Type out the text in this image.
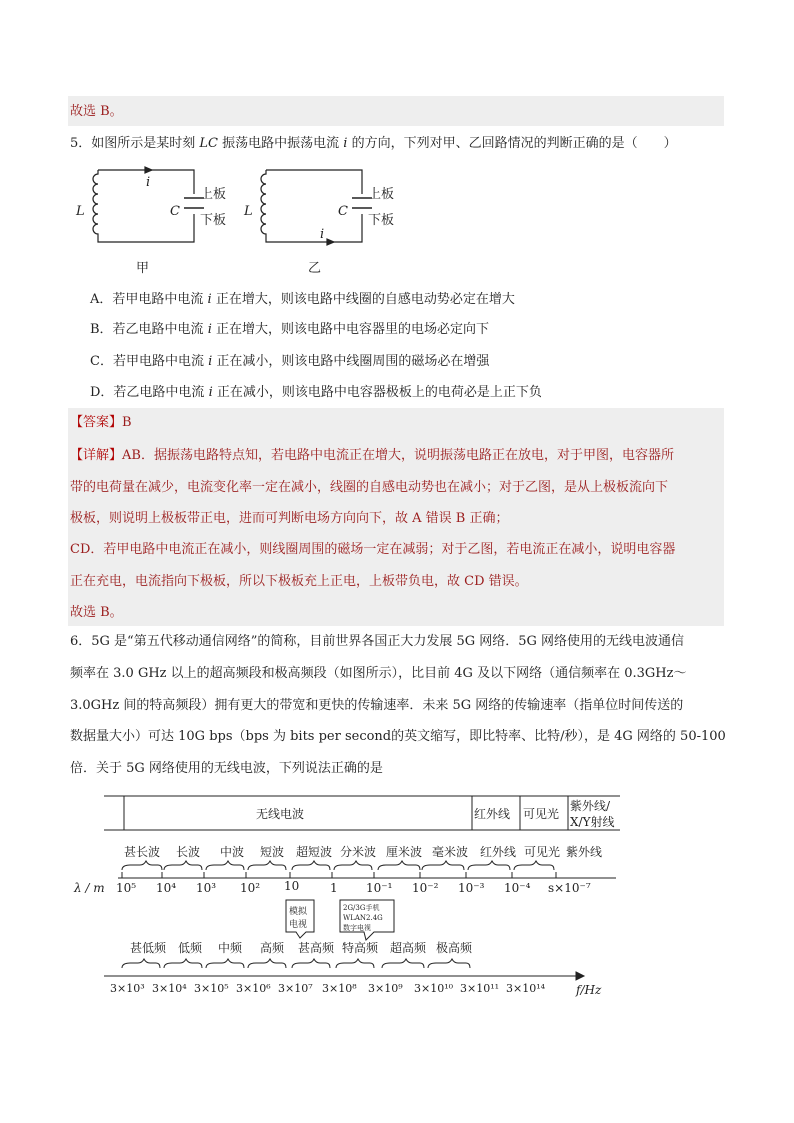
故选 B。
5．如图所示是某时刻 LC 振荡电路中振荡电流 i 的方向，下列对甲、乙回路情况的判断正确的是（　　）
L	C
i
上板
下板
L	C
i
上板
下板
甲	乙
A．若甲电路中电流 i 正在增大，则该电路中线圈的自感电动势必定在增大
B．若乙电路中电流 i 正在增大，则该电路中电容器里的电场必定向下
C．若甲电路中电流 i 正在减小，则该电路中线圈周围的磁场必在增强
D．若乙电路中电流 i 正在减小，则该电路中电容器极板上的电荷必是上正下负
【答案】B
【详解】AB．据振荡电路特点知，若电路中电流正在增大，说明振荡电路正在放电，对于甲图，电容器所
带的电荷量在减少，电流变化率一定在减小，线圈的自感电动势也在减小；对于乙图，是从上极板流向下
极板，则说明上极板带正电，进而可判断电场方向向下，故 A 错误 B 正确；
CD．若甲电路中电流正在减小，则线圈周围的磁场一定在减弱；对于乙图，若电流正在减小，说明电容器
正在充电，电流指向下极板，所以下极板充上正电，上板带负电，故 CD 错误。
故选 B。
6．5G 是“第五代移动通信网络”的简称，目前世界各国正大力发展 5G 网络．5G 网络使用的无线电波通信
频率在 3.0 GHz 以上的超高频段和极高频段（如图所示），比目前 4G 及以下网络（通信频率在 0.3GHz～
3.0GHz 间的特高频段）拥有更大的带宽和更快的传输速率．未来 5G 网络的传输速率（指单位时间传送的
数据量大小）可达 10G bps（bps 为 bits per second的英文缩写，即比特率、比特/秒），是 4G 网络的 50-100
倍．关于 5G 网络使用的无线电波，下列说法正确的是
无线电波	红外线 可见光
紫外线/
X/Y射线
甚长波 长波 中波 短波 超短波 分米波 厘米波 毫米波 红外线 可见光 紫外线
λ / m 10⁵ 10⁴ 10³ 10² 10	1 10⁻¹ 10⁻² 10⁻³ 10⁻⁴ s×10⁻⁷
模拟
电视
2G/3G手机
WLAN2.4G
数字电视
甚低频 低频 中频 高频 甚高频 特高频 超高频 极高频
3×10³ 3×10⁴ 3×10⁵ 3×10⁶ 3×10⁷ 3×10⁸ 3×10⁹ 3×10¹⁰ 3×10¹¹ 3×10¹⁴	f/Hz
